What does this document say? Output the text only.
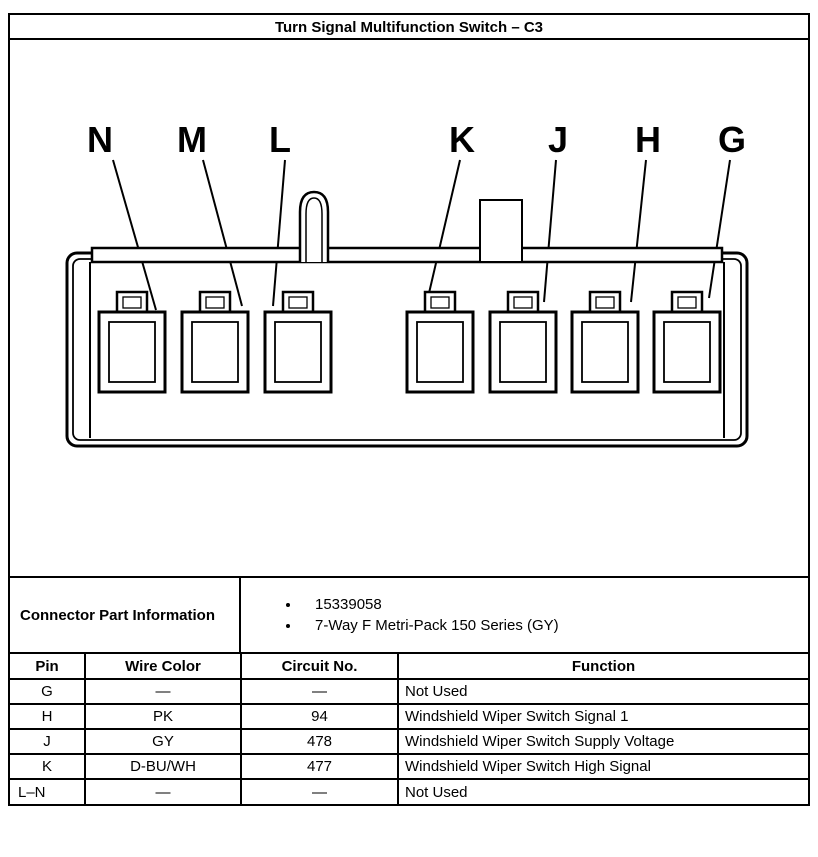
Turn Signal Multifunction Switch – C3
N M L	K J H G
Connector Part Information
• 15339058
• 7-Way F Metri-Pack 150 Series (GY)
Pin	Wire Color	Circuit No.	Function
G	—	—	Not Used
H	PK	94	Windshield Wiper Switch Signal 1
J	GY	478	Windshield Wiper Switch Supply Voltage
K	D-BU/WH	477	Windshield Wiper Switch High Signal
L–N	—	—	Not Used
